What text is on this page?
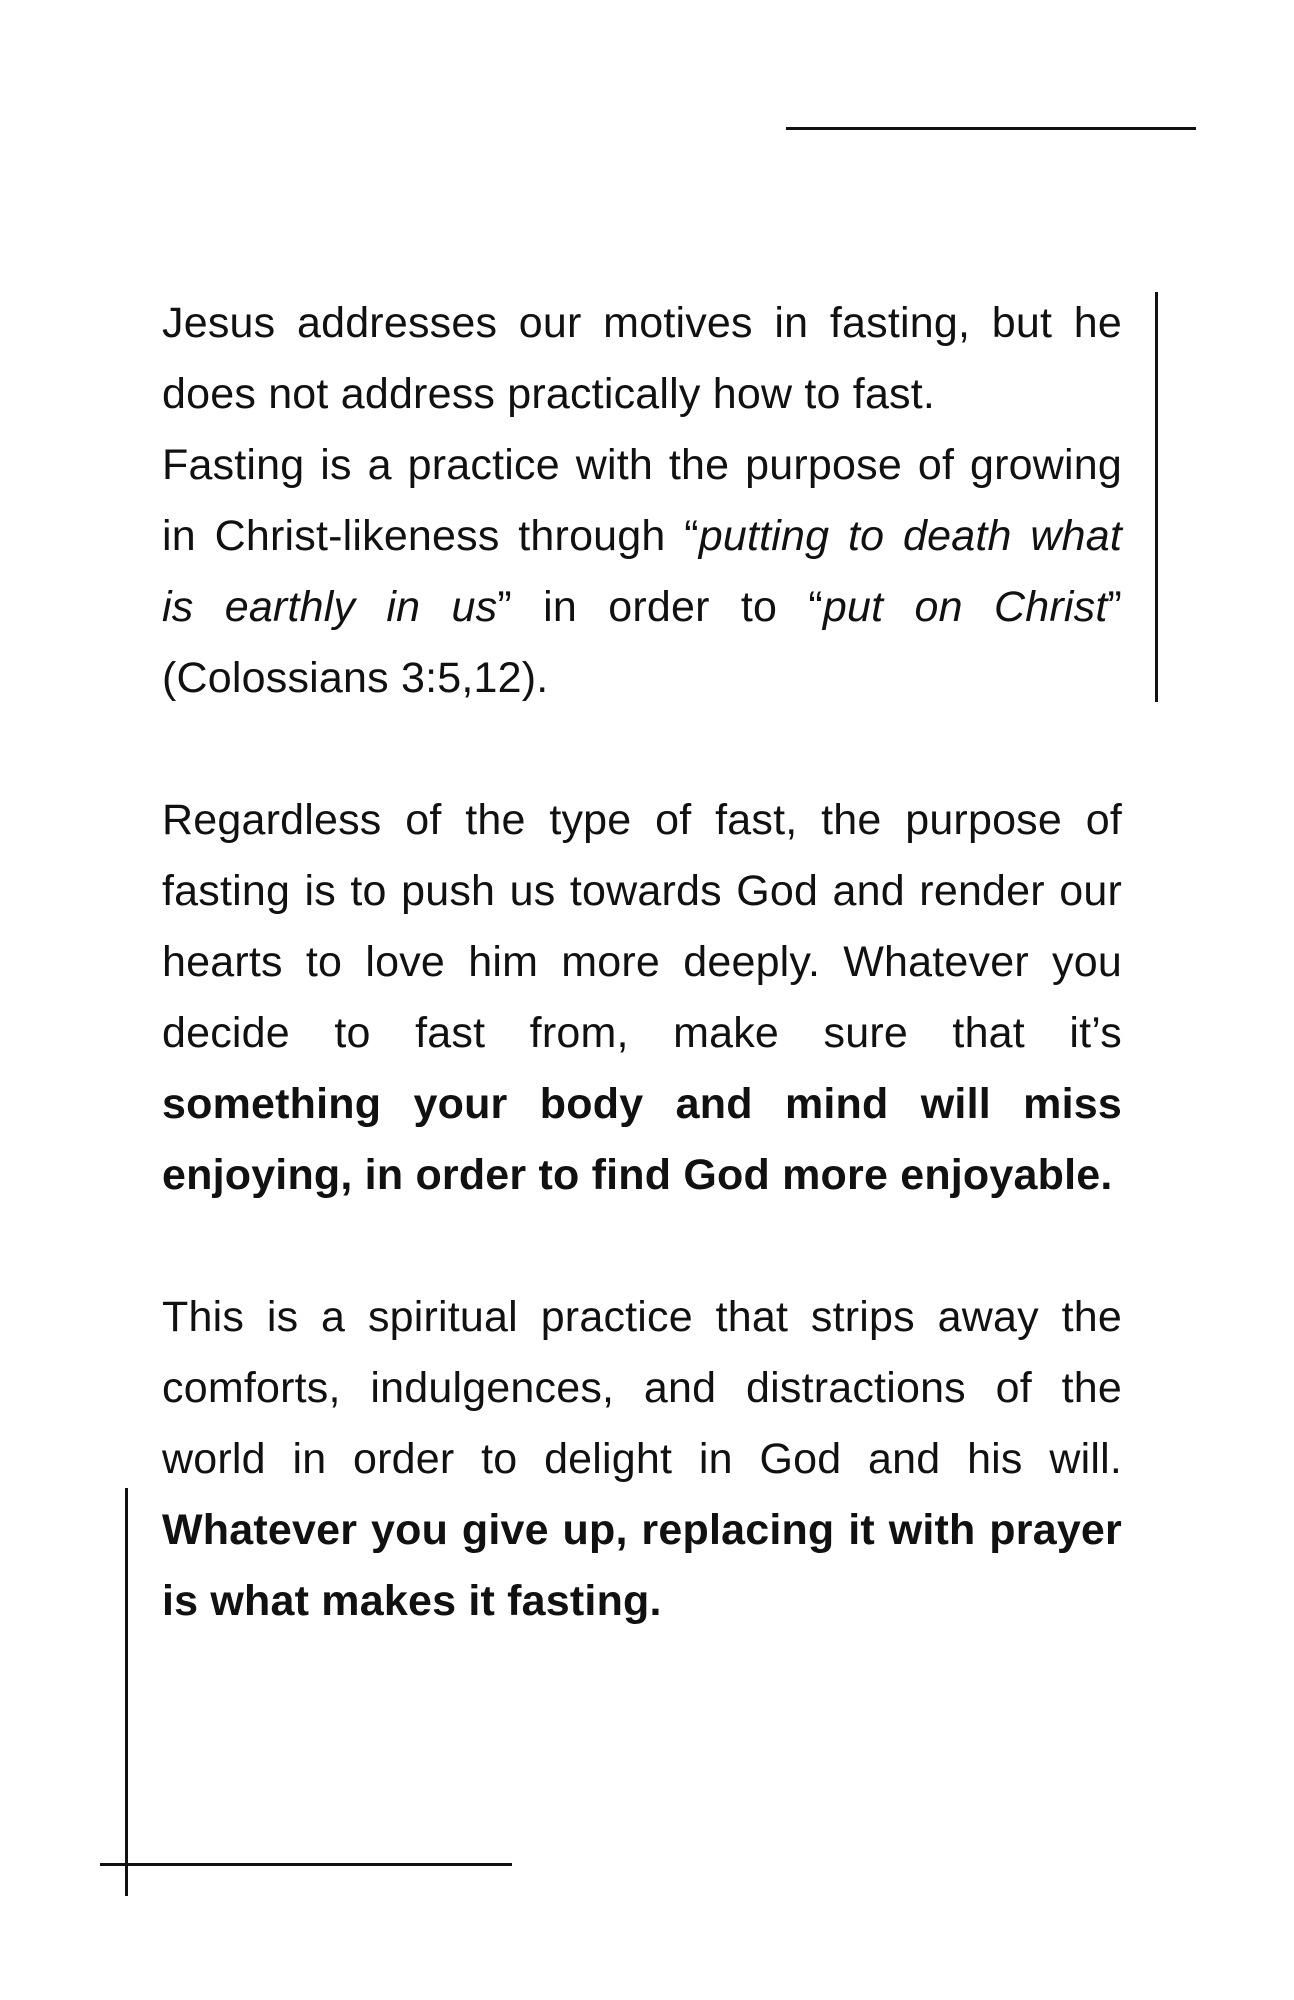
Jesus addresses our motives in fasting, but he does not address practically how to fast.

Fasting is a practice with the purpose of growing in Christ-likeness through “putting to death what is earthly in us” in order to “put on Christ” (Colossians 3:5,12).

Regardless of the type of fast, the purpose of fasting is to push us towards God and render our hearts to love him more deeply. Whatever you decide to fast from, make sure that it’s something your body and mind will miss enjoying, in order to find God more enjoyable.

This is a spiritual practice that strips away the comforts, indulgences, and distractions of the world in order to delight in God and his will. Whatever you give up, replacing it with prayer is what makes it fasting.
